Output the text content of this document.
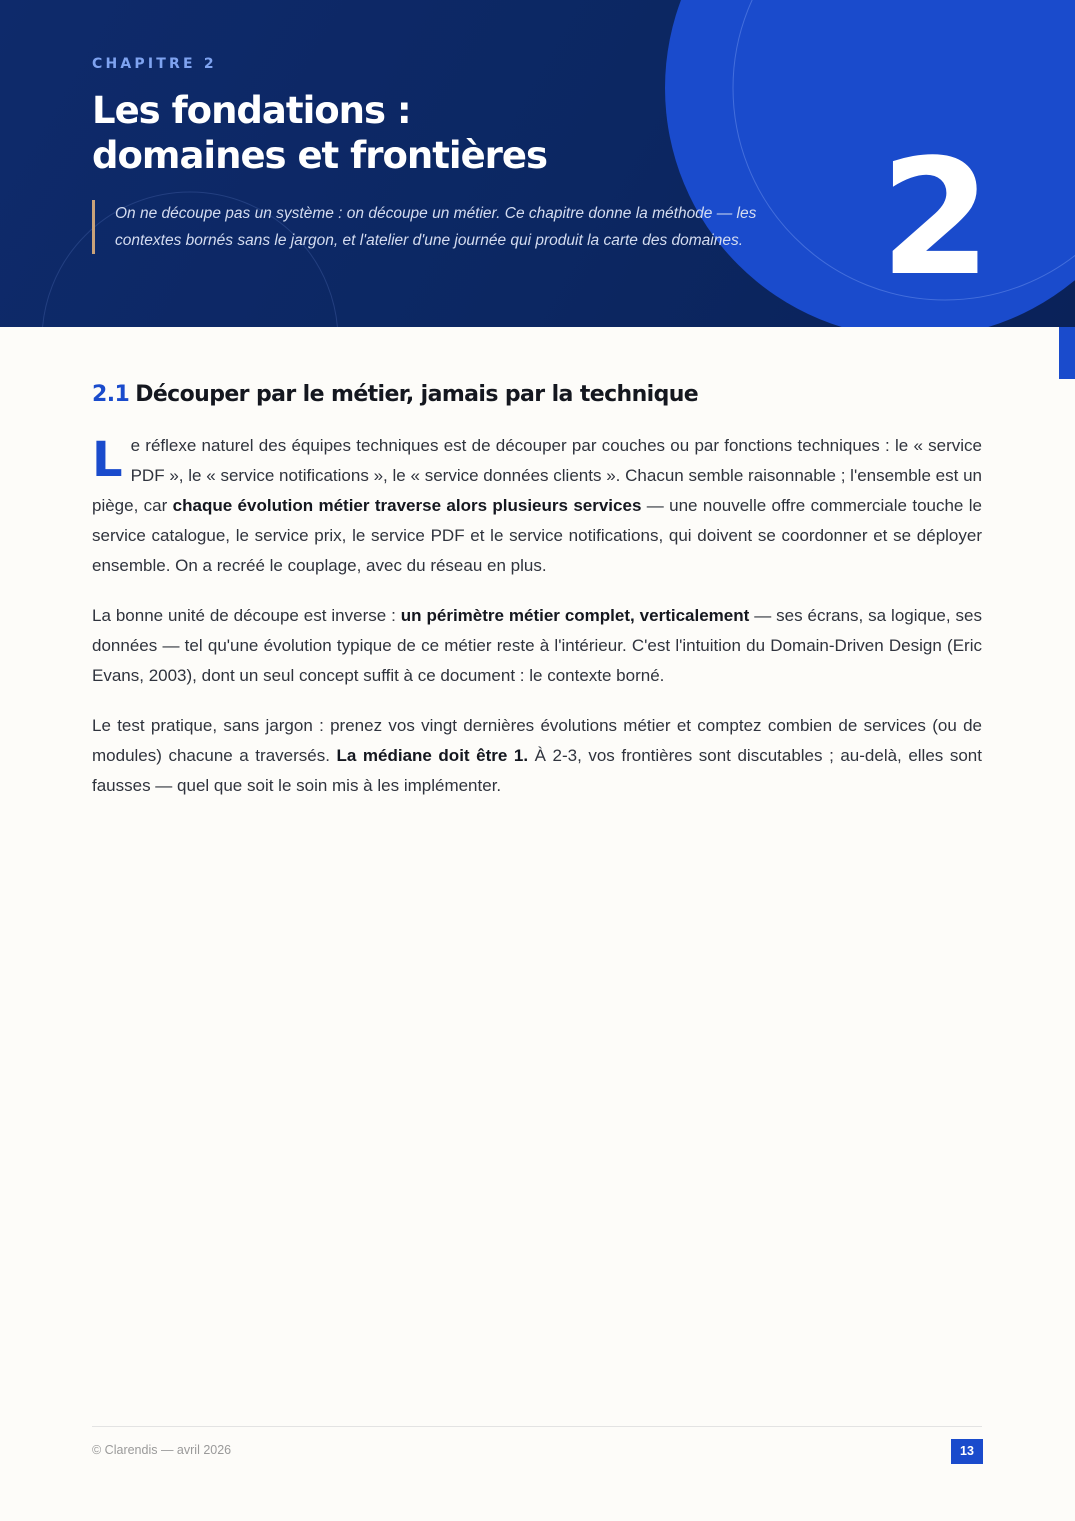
CHAPITRE 2
Les fondations :
domaines et frontières
On ne découpe pas un système : on découpe un métier. Ce chapitre donne la méthode — les contextes bornés sans le jargon, et l'atelier d'une journée qui produit la carte des domaines. 2
2.1 Découper par le métier, jamais par la technique

Le réflexe naturel des équipes techniques est de découper par couches ou par fonctions techniques : le « service PDF », le « service notifications », le « service données clients ». Chacun semble raisonnable ; l'ensemble est un piège, car chaque évolution métier traverse alors plusieurs services — une nouvelle offre commerciale touche le service catalogue, le service prix, le service PDF et le service notifications, qui doivent se coordonner et se déployer ensemble. On a recréé le couplage, avec du réseau en plus.

La bonne unité de découpe est inverse : un périmètre métier complet, verticalement — ses écrans, sa logique, ses données — tel qu'une évolution typique de ce métier reste à l'intérieur. C'est l'intuition du Domain-Driven Design (Eric Evans, 2003), dont un seul concept suffit à ce document : le contexte borné.

Le test pratique, sans jargon : prenez vos vingt dernières évolutions métier et comptez combien de services (ou de modules) chacune a traversés. La médiane doit être 1. À 2-3, vos frontières sont discutables ; au-delà, elles sont fausses — quel que soit le soin mis à les implémenter.

© Clarendis — avril 2026	13
